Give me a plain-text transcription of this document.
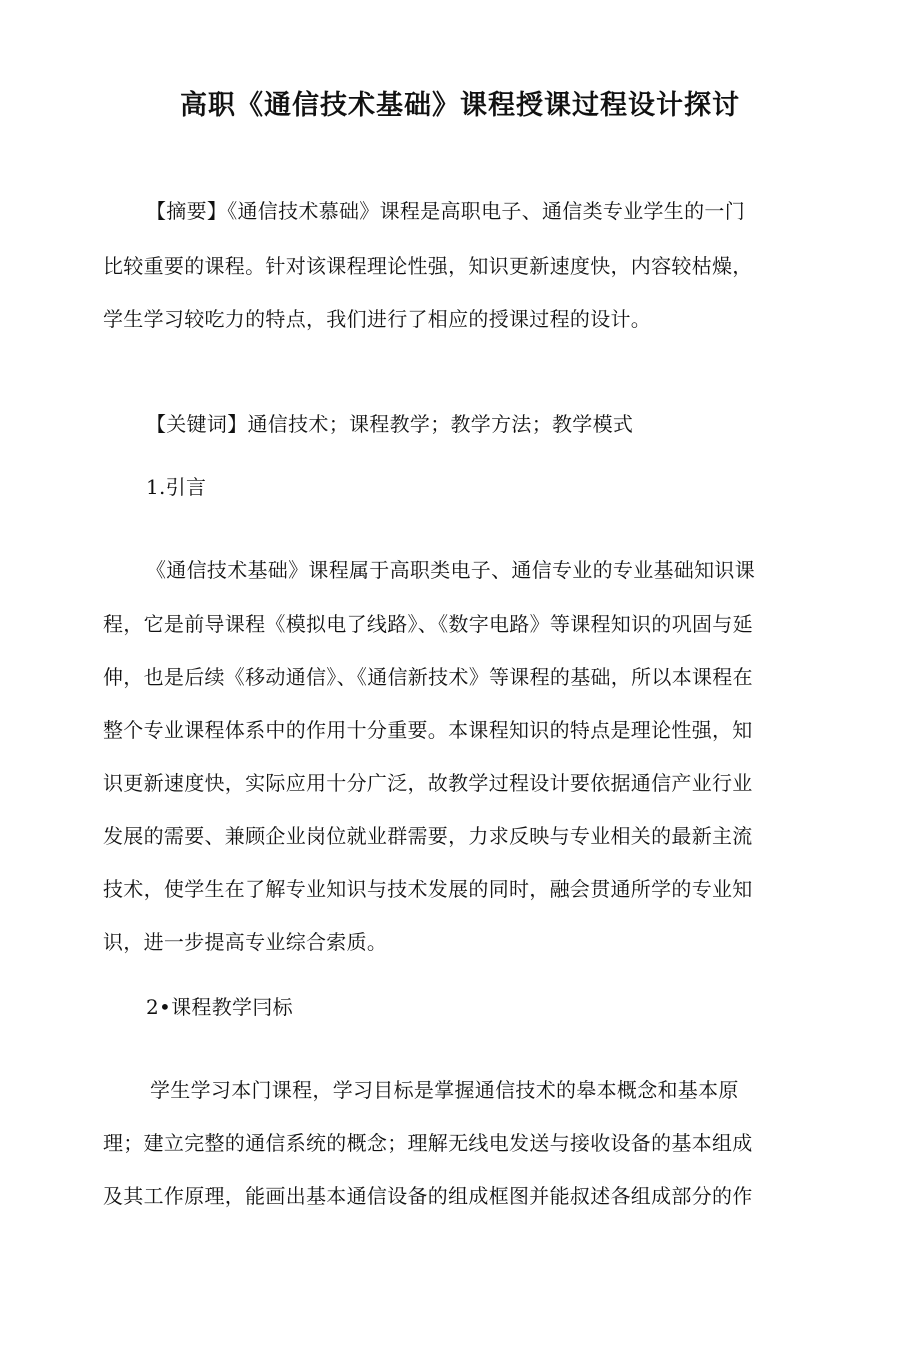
高职《通信技术基础》课程授课过程设计探讨
【摘要】《通信技术慕础》课程是高职电子、通信类专业学生的一门
比较重要的课程。针对该课程理论性强，知识更新速度快，内容较枯燥，
学生学习较吃力的特点，我们进行了相应的授课过程的设计。
【关键词】通信技术；课程教学；教学方法；教学模式
1.引言
《通信技术基础》课程属于高职类电子、通信专业的专业基础知识课
程，它是前导课程《模拟电了线路》、《数字电路》等课程知识的巩固与延
伸，也是后续《移动通信》、《通信新技术》等课程的基础，所以本课程在
整个专业课程体系中的作用十分重要。本课程知识的特点是理论性强，知
识更新速度快，实际应用十分广泛，故教学过程设计要依据通信产业行业
发展的需要、兼顾企业岗位就业群需要，力求反映与专业相关的最新主流
技术，使学生在了解专业知识与技术发展的同时，融会贯通所学的专业知
识，进一步提高专业综合索质。
2•课程教学冃标
学生学习本门课程，学习目标是掌握通信技术的皋本概念和基本原
理；建立完整的通信系统的概念；理解无线电发送与接收设备的基本组成
及其工作原理，能画出基本通信设备的组成框图并能叔述各组成部分的作
